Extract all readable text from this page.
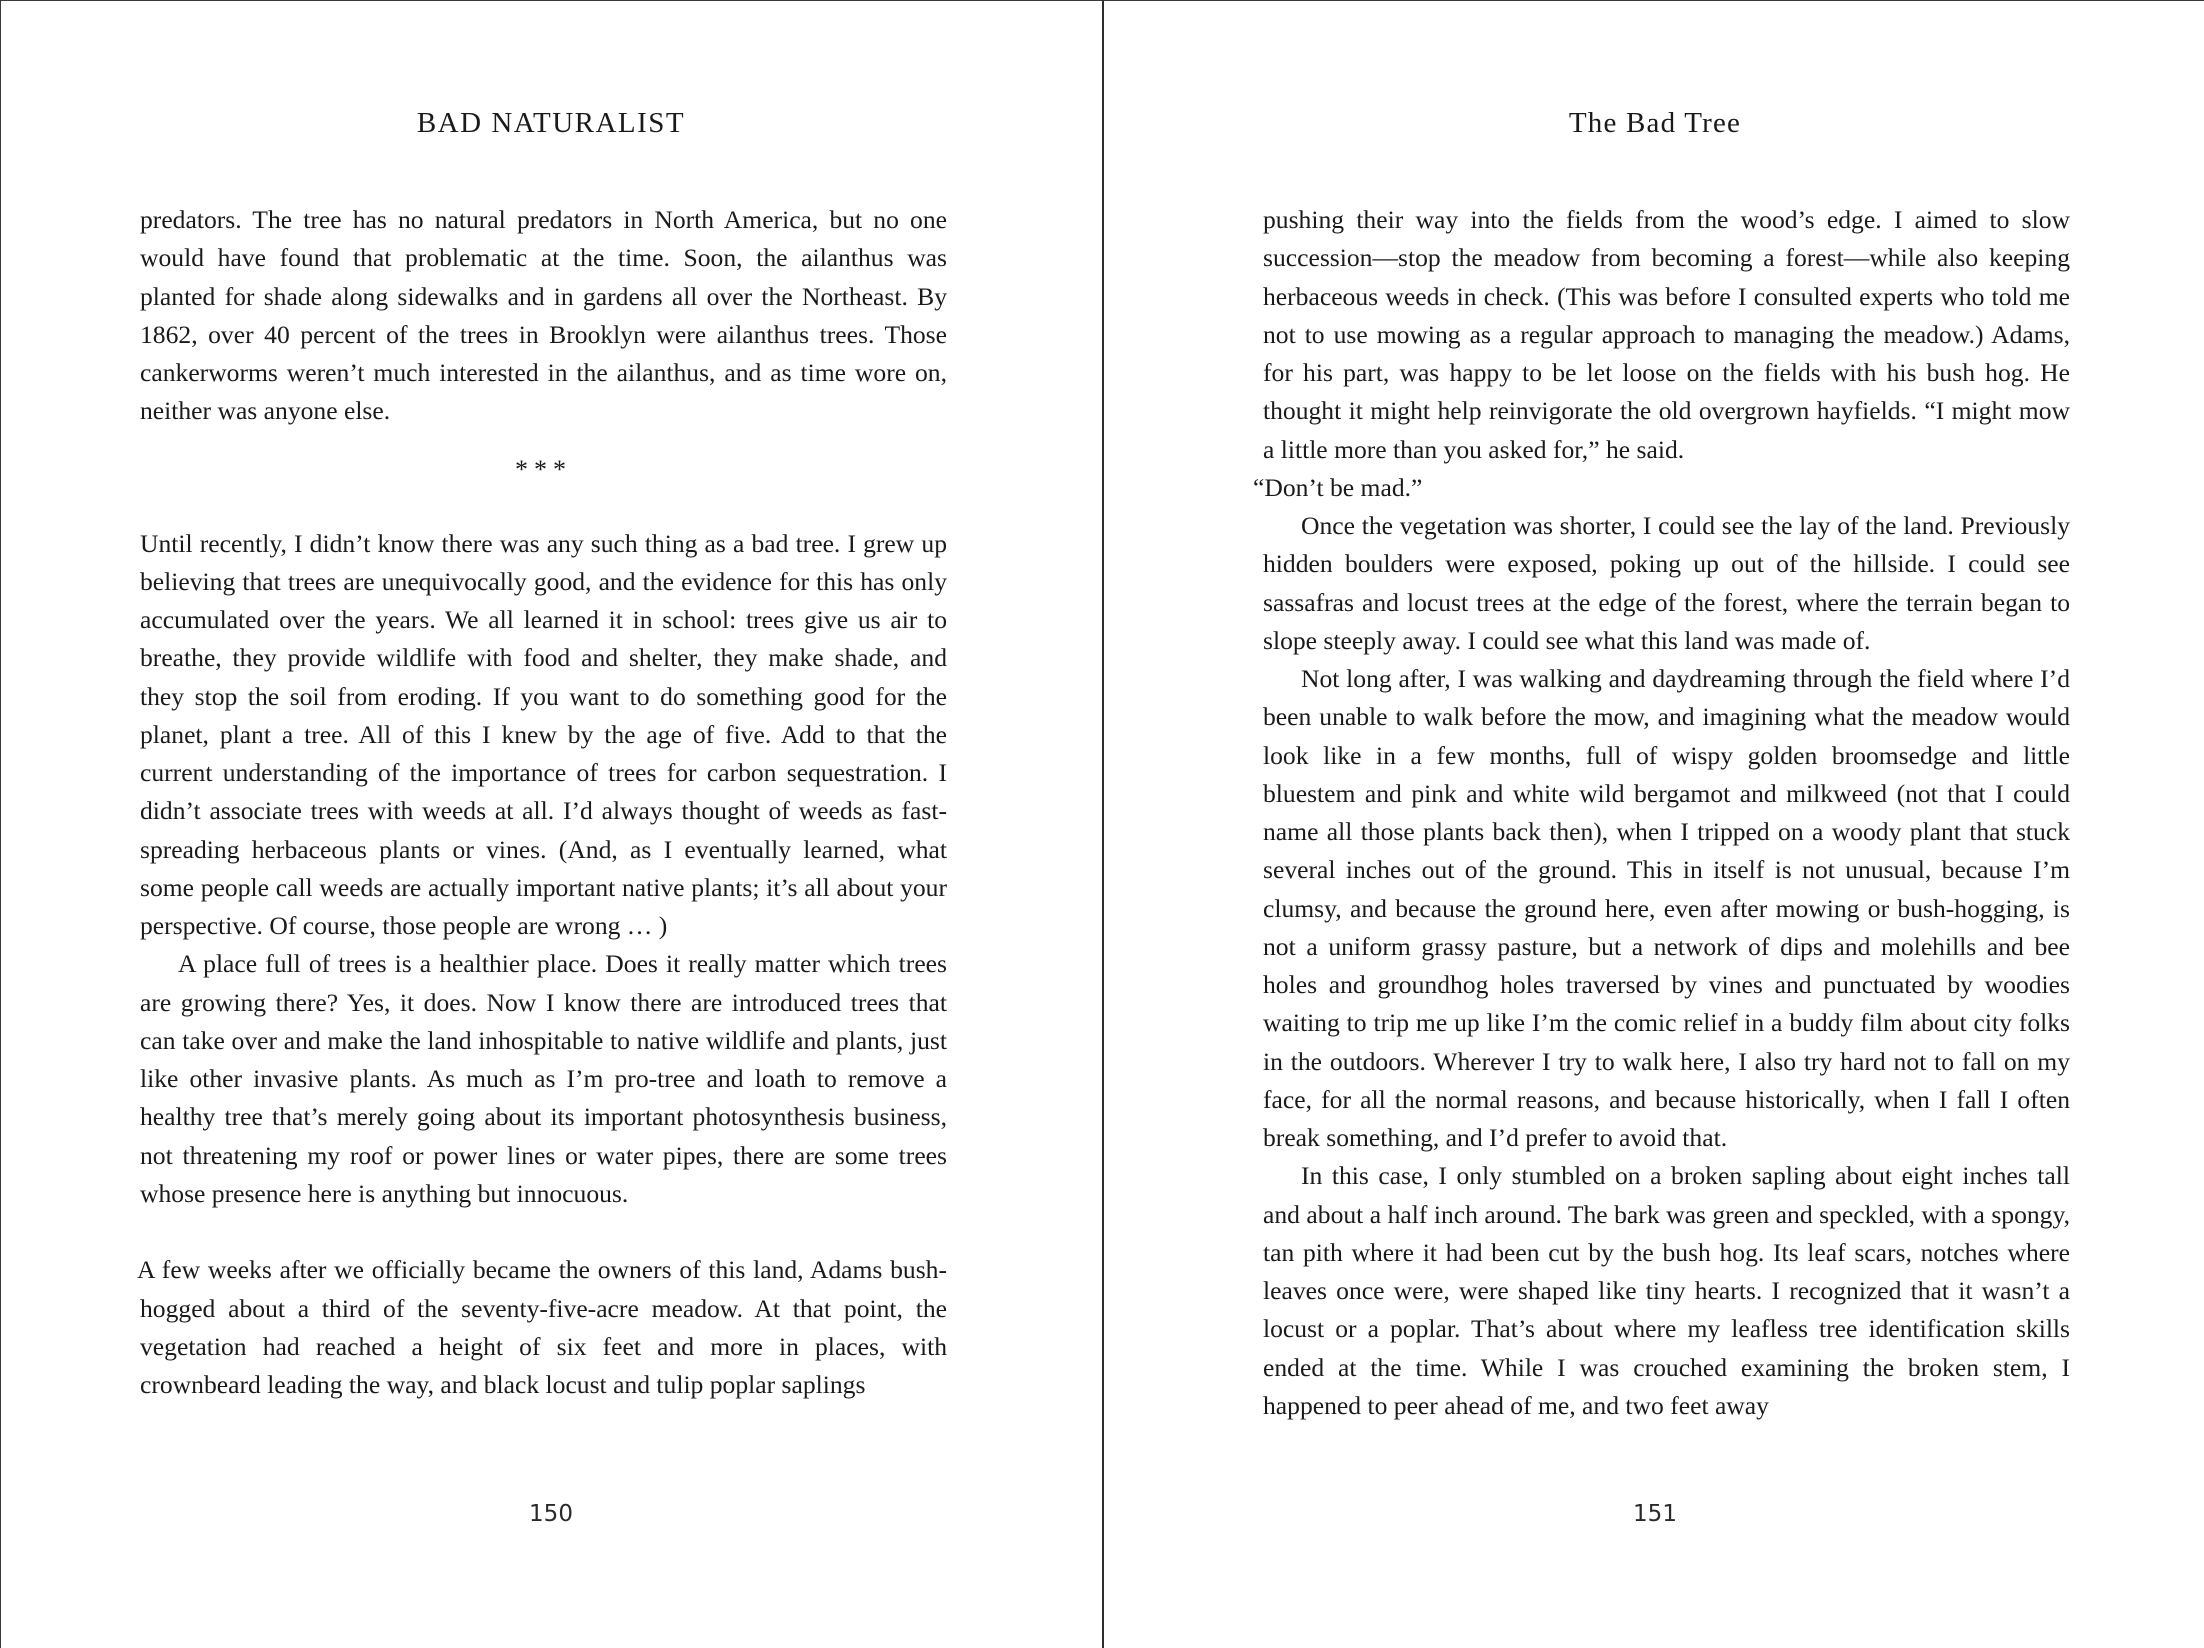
BAD NATURALIST

predators. The tree has no natural predators in North America, but no one would have found that problematic at the time. Soon, the ailanthus was planted for shade along sidewalks and in gardens all over the Northeast. By 1862, over 40 percent of the trees in Brooklyn were ailanthus trees. Those cankerworms weren’t much interested in the ailanthus, and as time wore on, neither was anyone else.

***

Until recently, I didn’t know there was any such thing as a bad tree. I grew up believing that trees are unequivocally good, and the evidence for this has only accumulated over the years. We all learned it in school: trees give us air to breathe, they provide wildlife with food and shelter, they make shade, and they stop the soil from eroding. If you want to do something good for the planet, plant a tree. All of this I knew by the age of five. Add to that the current understanding of the importance of trees for carbon sequestration. I didn’t associate trees with weeds at all. I’d always thought of weeds as fast-spreading herbaceous plants or vines. (And, as I eventually learned, what some people call weeds are actually important native plants; it’s all about your perspective. Of course, those people are wrong … )

A place full of trees is a healthier place. Does it really matter which trees are growing there? Yes, it does. Now I know there are introduced trees that can take over and make the land inhospitable to native wildlife and plants, just like other invasive plants. As much as I’m pro-tree and loath to remove a healthy tree that’s merely going about its important photosynthesis business, not threatening my roof or power lines or water pipes, there are some trees whose presence here is anything but innocuous.

A few weeks after we officially became the owners of this land, Adams bush-hogged about a third of the seventy-five-acre meadow. At that point, the vegetation had reached a height of six feet and more in places, with crownbeard leading the way, and black locust and tulip poplar saplings

150
The Bad Tree

pushing their way into the fields from the wood’s edge. I aimed to slow succession—stop the meadow from becoming a forest—while also keeping herbaceous weeds in check. (This was before I consulted experts who told me not to use mowing as a regular approach to managing the meadow.) Adams, for his part, was happy to be let loose on the fields with his bush hog. He thought it might help reinvigorate the old overgrown hayfields. “I might mow a little more than you asked for,” he said.

“Don’t be mad.”

Once the vegetation was shorter, I could see the lay of the land. Previously hidden boulders were exposed, poking up out of the hillside. I could see sassafras and locust trees at the edge of the forest, where the terrain began to slope steeply away. I could see what this land was made of.

Not long after, I was walking and daydreaming through the field where I’d been unable to walk before the mow, and imagining what the meadow would look like in a few months, full of wispy golden broomsedge and little bluestem and pink and white wild bergamot and milkweed (not that I could name all those plants back then), when I tripped on a woody plant that stuck several inches out of the ground. This in itself is not unusual, because I’m clumsy, and because the ground here, even after mowing or bush-hogging, is not a uniform grassy pasture, but a network of dips and molehills and bee holes and groundhog holes traversed by vines and punctuated by woodies waiting to trip me up like I’m the comic relief in a buddy film about city folks in the outdoors. Wherever I try to walk here, I also try hard not to fall on my face, for all the normal reasons, and because historically, when I fall I often break something, and I’d prefer to avoid that.

In this case, I only stumbled on a broken sapling about eight inches tall and about a half inch around. The bark was green and speckled, with a spongy, tan pith where it had been cut by the bush hog. Its leaf scars, notches where leaves once were, were shaped like tiny hearts. I recognized that it wasn’t a locust or a poplar. That’s about where my leafless tree identification skills ended at the time. While I was crouched examining the broken stem, I happened to peer ahead of me, and two feet away

151
